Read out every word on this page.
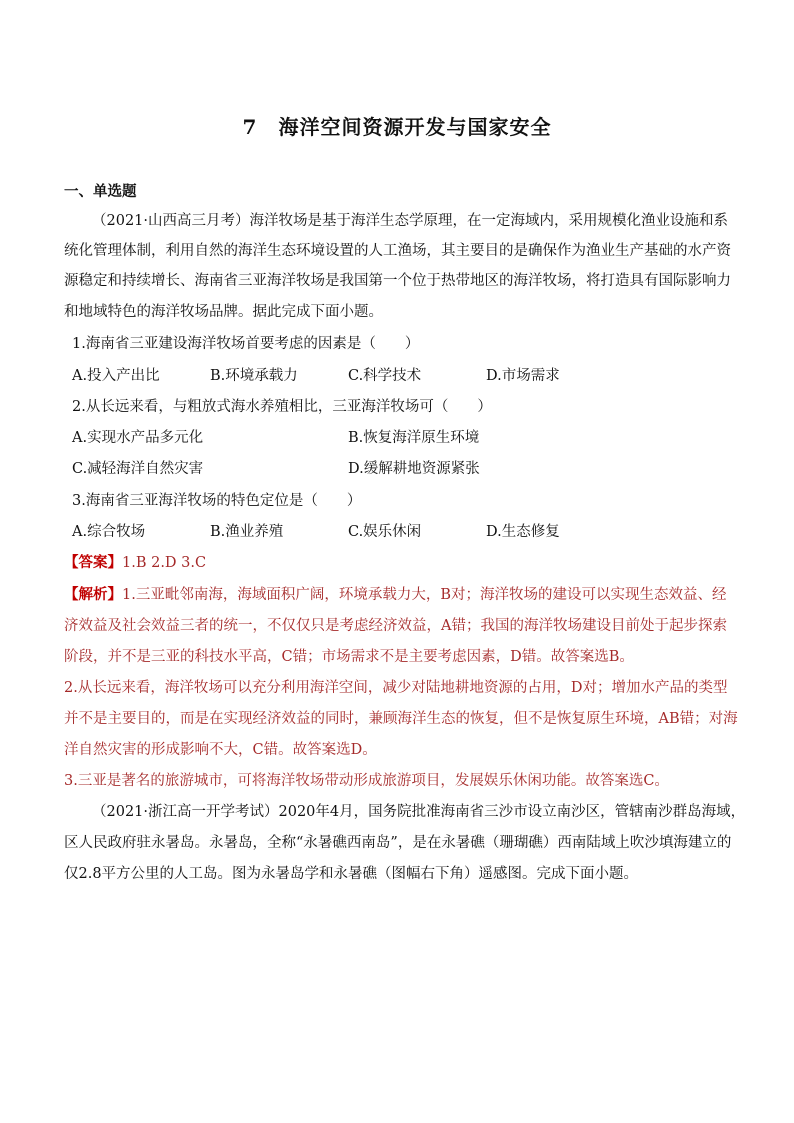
7　海洋空间资源开发与国家安全
一、单选题
（2021·山西高三月考）海洋牧场是基于海洋生态学原理，在一定海域内，采用规模化渔业设施和系
统化管理体制，利用自然的海洋生态环境设置的人工渔场，其主要目的是确保作为渔业生产基础的水产资
源稳定和持续增长、海南省三亚海洋牧场是我国第一个位于热带地区的海洋牧场，将打造具有国际影响力
和地域特色的海洋牧场品牌。据此完成下面小题。
1.海南省三亚建设海洋牧场首要考虑的因素是（　　）
A.投入产出比	B.环境承载力	C.科学技术	D.市场需求
2.从长远来看，与粗放式海水养殖相比，三亚海洋牧场可（　　）
A.实现水产品多元化	B.恢复海洋原生环境
C.减轻海洋自然灾害	D.缓解耕地资源紧张
3.海南省三亚海洋牧场的特色定位是（　　）
A.综合牧场	B.渔业养殖	C.娱乐休闲	D.生态修复
【答案】1.B 2.D 3.C
【解析】1.三亚毗邻南海，海域面积广阔，环境承载力大，B对；海洋牧场的建设可以实现生态效益、经
济效益及社会效益三者的统一，不仅仅只是考虑经济效益，A错；我国的海洋牧场建设目前处于起步探索
阶段，并不是三亚的科技水平高，C错；市场需求不是主要考虑因素，D错。故答案选B。
2.从长远来看，海洋牧场可以充分利用海洋空间，减少对陆地耕地资源的占用，D对；增加水产品的类型
并不是主要目的，而是在实现经济效益的同时，兼顾海洋生态的恢复，但不是恢复原生环境，AB错；对海
洋自然灾害的形成影响不大，C错。故答案选D。
3.三亚是著名的旅游城市，可将海洋牧场带动形成旅游项目，发展娱乐休闲功能。故答案选C。
（2021·浙江高一开学考试）2020年4月，国务院批准海南省三沙市设立南沙区，管辖南沙群岛海域，
区人民政府驻永暑岛。永暑岛，全称“永暑礁西南岛”，是在永暑礁（珊瑚礁）西南陆域上吹沙填海建立的
仅2.8平方公里的人工岛。图为永暑岛学和永暑礁（图幅右下角）遥感图。完成下面小题。
